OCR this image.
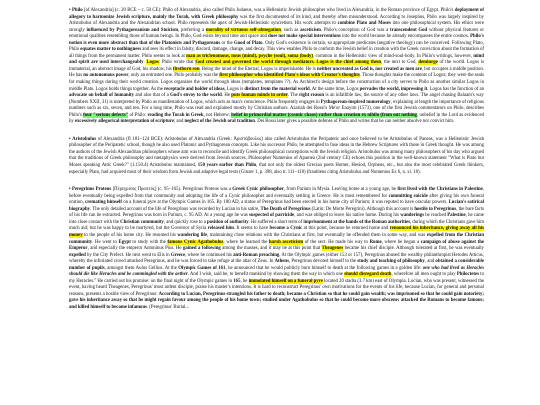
• Philo [of Alexandria] (c. 20 BCE – c. 50 CE): Philo of Alexandria, also called Philo Judaeus, was a Hellenistic Jewish philosopher who lived in Alexandria, in the Roman province of Egypt. Philo's deployment of allegory to harmonize Jewish scripture, mainly the Torah, with Greek philosophy was the first documented of its kind, and thereby often misunderstood. According to Josephus, Philo was largely inspired by Aristobulus of Alexandria and the Alexandrian school. Philo represents the apex of Jewish-Hellenistic syncretism. His work attempts to combine Plato and Moses into one philosophical system. His ethics were strongly influenced by Pythagoreanism and Stoicism, preferring a morality of virtuous self-abnegation, such as asceticism. Philo's conception of God was a transcendent God without physical features or emotional qualities resembling those of human beings. In Philo, God exists beyond time and space and does not make special interventions into the world because he already encompasses the entire cosmos. Philo's notion is even more abstract than that of the Platonists and Pythagoreans or the Good of Plato. Only God's existence is certain, so appropriate predicates (negative theology) can be conceived. Following Plato, Philo equates matter to nothingness and sees its effect in falsity, discord, damage, change, and decay. This view enables Philo to conform the Jewish belief in creation with the Greek conviction about the formation of all things from the permanent matter. Philo seems to look at man as triclenomous, nous (mind), psyche (soul), soma (body), common in the Hellenistic view of mind-soul-body. In Philo's writings, however, mind and spirit are used interchangeably. Logos: Philo wrote that God created and governed the world through mediators. Logos is the chief among them, the next to God, demiurge of the world. Logos is immaterial, an abstract image of God, his shadow, his firstborn son. Being the mind of the Eternal, Logos is imperishable. He is neither uncreated as God is, nor created as men are, but occupies a middle position. He has no autonomous power, only an entrusted one. Philo probably was the first philosopher who identified Plato's ideas with Creator's thoughts. Those thoughts make the contents of Logos; they were the seals for making things during their world creation. Logos organizes the world through ideas (templates, templates ??). As Architect's design before the construction of a city serves to Philo as another similar Logos in middle Plato. Logos holds things together. As the receptacle and holder of ideas, Logos is distinct from the material world. At the same time, Logos pervades the world, impressing it. Logos has the function of an advocate on behalf of humanity and also that of a God's envoy to the world. He puts human minds in order. The right reason is an infallible law, the source of any other laws. The angel chasing Balaam's way (Numbers XXII, 31) is interpreted by Philo as manifestation of Logos, which acts as man's conscience. Philo frequently engages in Pythagorean-inspired numerology, explaining at length the importance of religious numbers such as six, seven, and ten. For a long time, Philo was read and explained mostly by Christian authors. Azariah dei Rossi's Me'or Enayim (1573), one of the first Jewish commentators on Philo, describes Philo's four "serious defects" of Philo: reading the Torah in Greek, not Hebrew; belief in primordial matter (cosmic chaos) rather than creation ex nihilo (from out nothing; unbelief in the Lord as evidenced by excessively allegorical interpretation of scripture; and neglect of the Jewish oral tradition. Dei Rossi later gives a possible defense of Philo and writes that he can neither absolve nor convict him.

• Aristobulus of Alexandria (fl 181–124 BCE): Aristobulus of Alexandria (Greek: Ἀριστόβουλος) also called Aristobulus the Peripatetic and once believed to be Aristobulus of Paneas, was a Hellenistic Jewish philosopher of the Peripatetic school, though he also used Platonic and Pythagorean concepts. Like his successor Philo, he attempted to fuse ideas in the Hebrew Scriptures with those in Greek thought. He was among the authors of the Jewish Alexandrian philosophers whose aim was to reconcile and identify Greek philosophical conceptions with the Jewish religion. Aristobulus was among many philosophers of his day who argued that the traditions of Greek philosophy and metaphysics were derived from Jewish sources. Philosopher Numenius of Apamea (2nd century CE) echoes this position in the well-known statement "What is Plato but Moses speaking Attic Greek?" (1.150.4) Aristobulus maintained, 150 years earlier than Philo, that not only the oldest Grecian poets Homer, Hesiod, Orpheus, etc., but also the most celebrated Greek thinkers, especially Plato, had acquired most of their wisdom from Jewish and adaptive legal texts (Ginzer 1, p. 398, also tr. 111–118) (fraublens citing Aristobulus and Numenius Ex 6, n. xi. 18).

• Peregrinus Proteus [Πέρεγρινος Πρωτεύς] (c. 95–165). Peregrinus Proteus was a Greek Cynic philosopher, from Parium in Mysia. Leaving home at a young age, he first lived with the Christians in Palestine, before eventually being expelled from that community and adopting the life of a Cynic philosopher and eventually settling in Greece. He is most remembered for committing suicide after giving his own funeral oration, cremating himself on a funeral pyre at the Olympic Games in 165. By 180 AD, a statue of Peregrinus had been erected in his home city of Parium; it was reputed to have oracular powers. Lucian's satirical biography. The only detailed account of the life of Peregrinus was recorded by Lucian in his satire, The Death of Peregrinus (Latin: De Morte Peregrini). Although this account is hostile to Peregrinus, the bare facts of his life can be extracted. Peregrinus was born in Parium, c. 95 AD. At a young age he was suspected of parricide, and was obliged to leave his native home. During his wanderings he reached Palestine, he came into close contact with the Christian community, and quickly rose to a position of authority. He suffered a short term of imprisonment at the hands of the Roman authorities, during which the Christians gave him much aid; but he was happy to be martyred, but the Governor of Syria released him. It seems to have become a Cynic at this point, because he returned home and renounced his inheritance, giving away all his money to the people of his home city. He resumed his wandering life, maintaining close relations with the Christians at first, but eventually he offended them in some way, and was expelled from the Christian community. He went to Egypt to study with the famous Cynic Agathobulus, where he learned the harsh asceticism of the sect. He made his way to Rome, where he began a campaign of abuse against the Emperor, and especially the emperor Antoninus Pius. He gained a following among the masses, and it may be at this point that Theagenes became his chief disciple. Although tolerated at first, he was eventually expelled by the City Prefect. He next went to Elis in Greece, where he continued his anti-Roman preaching. At the Olympic games (either 153 or 157), Peregrinus abused the wealthy philanthropist Herodes Atticus, whereby the infuriated crowd attacked Peregrinus, and he was forced to take refuge at the altar of Zeus. In Athens, Peregrinus devoted himself to the study and teaching of philosophy, and obtained a considerable number of pupils, amongst them Aulus Gellius. At the Olympic Games of 161, he announced that he would publicly burn himself to death at the following games in a golden life: one who had lived as Heracles should die like Heracles and be commingled with the aether. And I wish, said he, to benefit mankind by showing them the way in which one should disregard death, wherefore all men ought to play Philoctetes to my Heracles." He carried out his promise: on the final night of the Olympic games in 165, he immolated himself on a funeral pyre located 20 stadia (3.7 km) east of Olympia. Lucian, who was present, witnessed the event, having heard Theagenes, Peregrinus' most ardent disciple, praise his master's intentions. It is hard to reconstruct Peregrinus' own motivations for the events of his life, because Lucian, for general and personal reasons, presents a hostile view of Peregrinus: According to Lucian, Peregrinus strangled his father to death; became a Christian so that he could gain wealth; was imprisoned so that he could gain notoriety; gave his inheritance away so that he might regain favour among the people of his home town; studied under Agathobulus so that he could become more obscene; attacked the Romans to become famous; and killed himself to become infamous. (Peregrinus' Burial...
